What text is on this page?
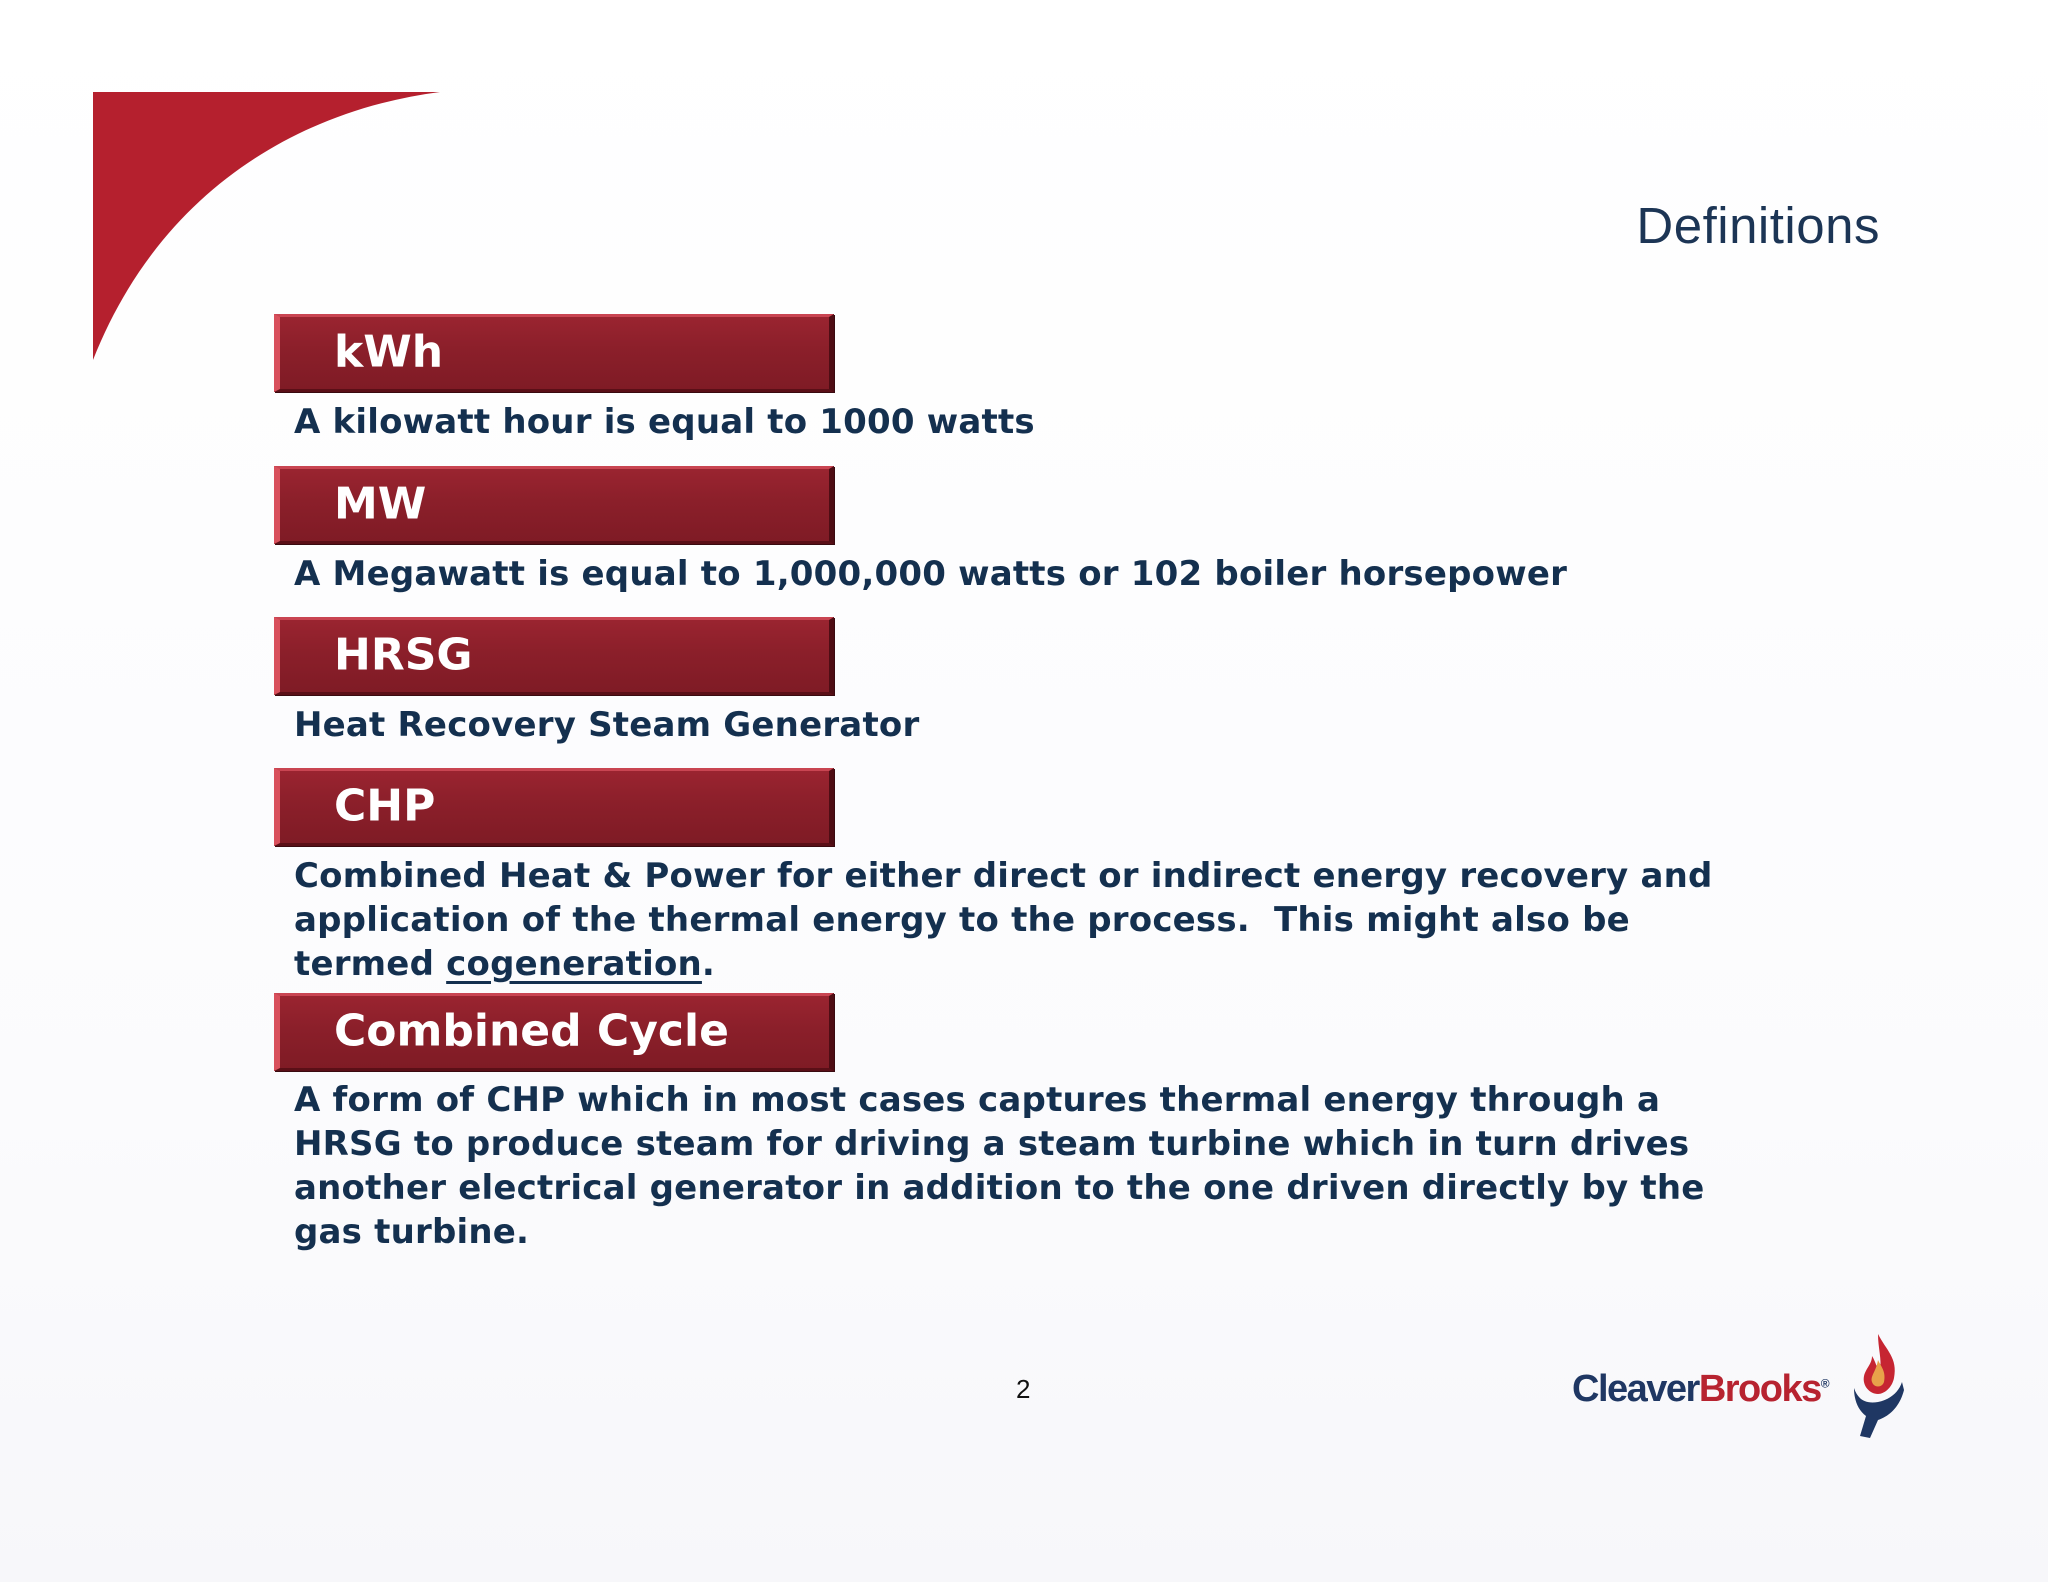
Definitions
kWh
A kilowatt hour is equal to 1000 watts
MW
A Megawatt is equal to 1,000,000 watts or 102 boiler horsepower
HRSG
Heat Recovery Steam Generator
CHP
Combined Heat & Power for either direct or indirect energy recovery and
application of the thermal energy to the process.  This might also be
termed cogeneration.
Combined Cycle
A form of CHP which in most cases captures thermal energy through a
HRSG to produce steam for driving a steam turbine which in turn drives
another electrical generator in addition to the one driven directly by the
gas turbine.
2	CleaverBrooks®
